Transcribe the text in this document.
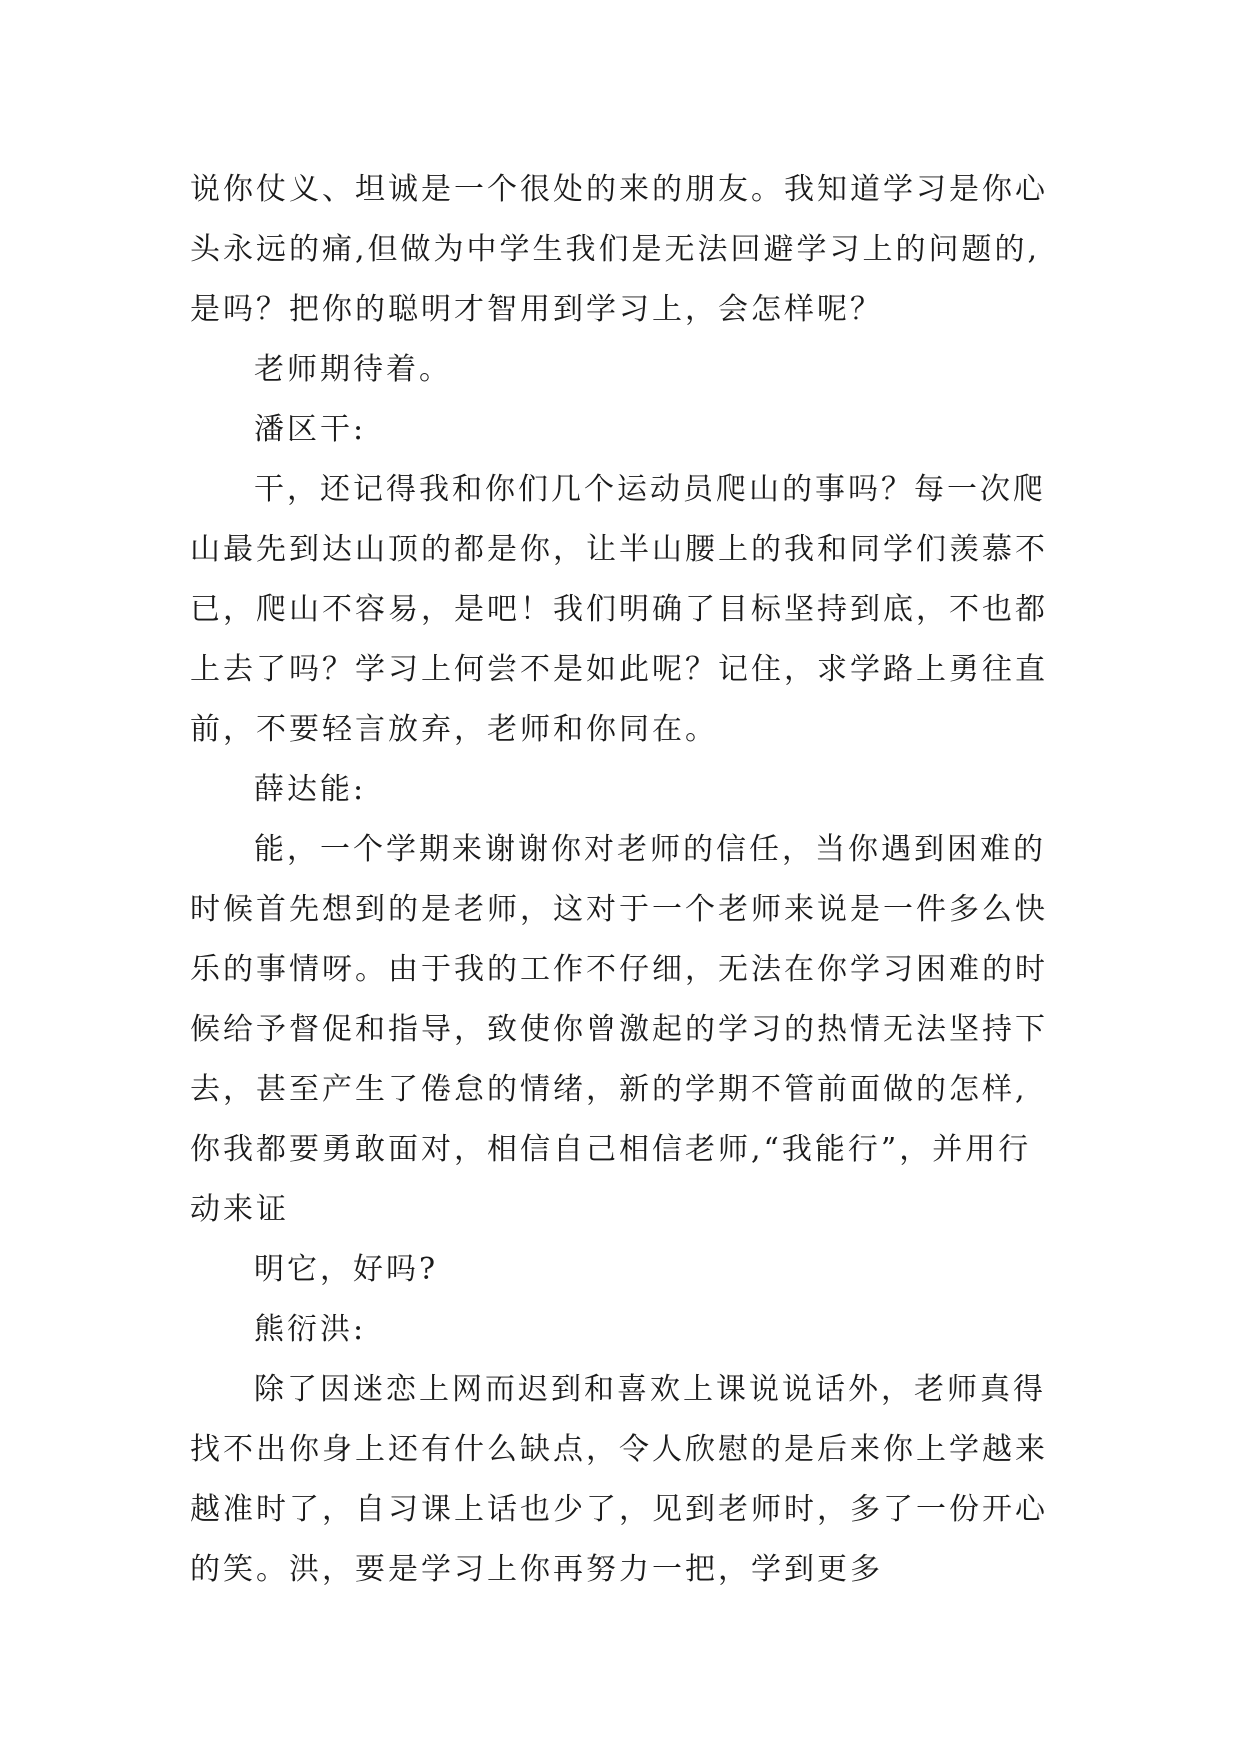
说你仗义、坦诚是一个很处的来的朋友。我知道学习是你心
头永远的痛,但做为中学生我们是无法回避学习上的问题的,
是吗？把你的聪明才智用到学习上，会怎样呢？
老师期待着。
潘区干:
干，还记得我和你们几个运动员爬山的事吗？每一次爬
山最先到达山顶的都是你，让半山腰上的我和同学们羡慕不
已，爬山不容易，是吧！我们明确了目标坚持到底，不也都
上去了吗？学习上何尝不是如此呢？记住，求学路上勇往直
前，不要轻言放弃，老师和你同在。
薛达能:
能，一个学期来谢谢你对老师的信任，当你遇到困难的
时候首先想到的是老师，这对于一个老师来说是一件多么快
乐的事情呀。由于我的工作不仔细，无法在你学习困难的时
候给予督促和指导，致使你曾激起的学习的热情无法坚持下
去，甚至产生了倦怠的情绪，新的学期不管前面做的怎样,
你我都要勇敢面对，相信自己相信老师,“我能行”，并用行
动来证
明它，好吗?
熊衍洪:
除了因迷恋上网而迟到和喜欢上课说说话外，老师真得
找不出你身上还有什么缺点，令人欣慰的是后来你上学越来
越准时了，自习课上话也少了，见到老师时，多了一份开心
的笑。洪，要是学习上你再努力一把，学到更多
